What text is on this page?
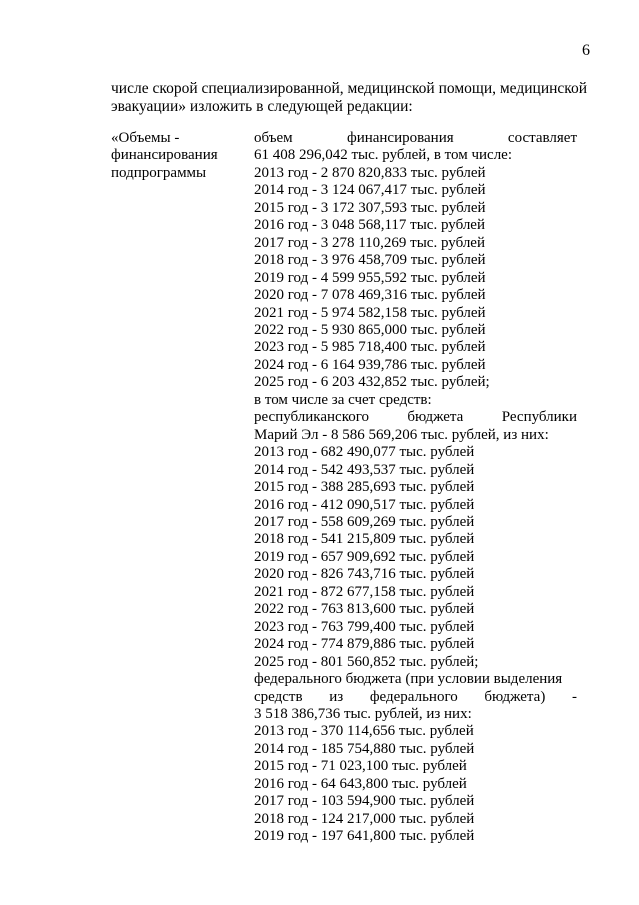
6
числе скорой специализированной, медицинской помощи, медицинской
эвакуации» изложить в следующей редакции:
«Объемы -
финансирования
подпрограммы
объем финансирования составляет
61 408 296,042 тыс. рублей, в том числе:
2013 год - 2 870 820,833 тыс. рублей
2014 год - 3 124 067,417 тыс. рублей
2015 год - 3 172 307,593 тыс. рублей
2016 год - 3 048 568,117 тыс. рублей
2017 год - 3 278 110,269 тыс. рублей
2018 год - 3 976 458,709 тыс. рублей
2019 год - 4 599 955,592 тыс. рублей
2020 год - 7 078 469,316 тыс. рублей
2021 год - 5 974 582,158 тыс. рублей
2022 год - 5 930 865,000 тыс. рублей
2023 год - 5 985 718,400 тыс. рублей
2024 год - 6 164 939,786 тыс. рублей
2025 год - 6 203 432,852 тыс. рублей;
в том числе за счет средств:
республиканского бюджета Республики
Марий Эл - 8 586 569,206 тыс. рублей, из них:
2013 год - 682 490,077 тыс. рублей
2014 год - 542 493,537 тыс. рублей
2015 год - 388 285,693 тыс. рублей
2016 год - 412 090,517 тыс. рублей
2017 год - 558 609,269 тыс. рублей
2018 год - 541 215,809 тыс. рублей
2019 год - 657 909,692 тыс. рублей
2020 год - 826 743,716 тыс. рублей
2021 год - 872 677,158 тыс. рублей
2022 год - 763 813,600 тыс. рублей
2023 год - 763 799,400 тыс. рублей
2024 год - 774 879,886 тыс. рублей
2025 год - 801 560,852 тыс. рублей;
федерального бюджета (при условии выделения
средств из федерального бюджета) -
3 518 386,736 тыс. рублей, из них:
2013 год - 370 114,656 тыс. рублей
2014 год - 185 754,880 тыс. рублей
2015 год - 71 023,100 тыс. рублей
2016 год - 64 643,800 тыс. рублей
2017 год - 103 594,900 тыс. рублей
2018 год - 124 217,000 тыс. рублей
2019 год - 197 641,800 тыс. рублей
